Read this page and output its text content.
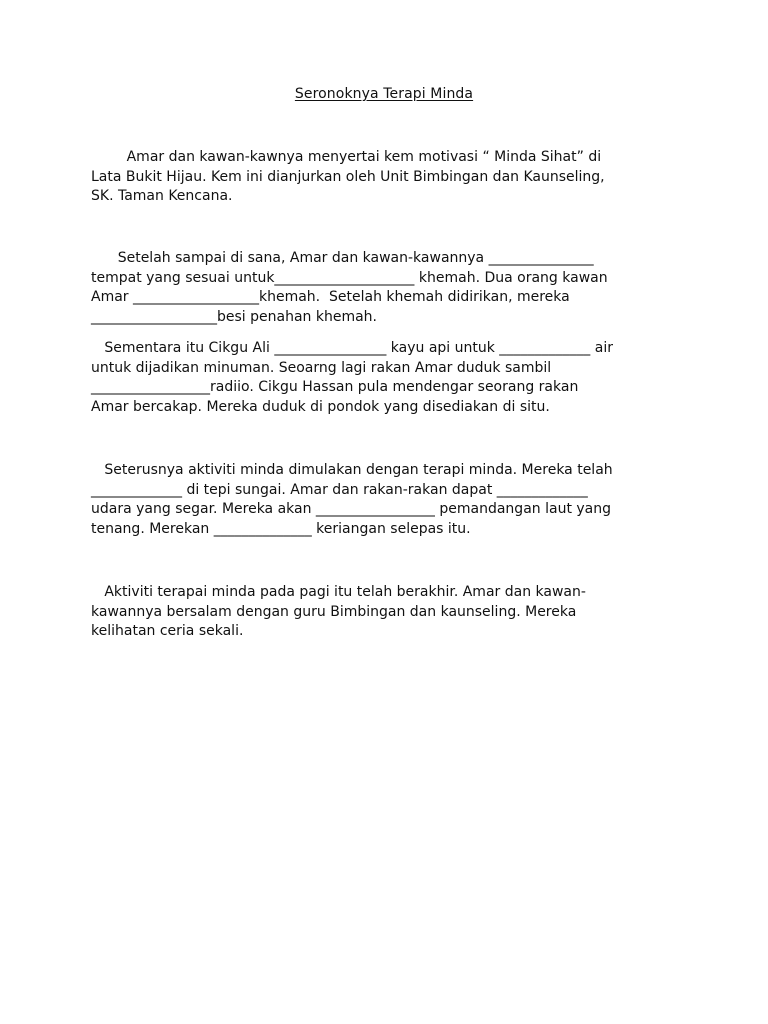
Seronoknya Terapi Minda

Amar dan kawan-kawnya menyertai kem motivasi “ Minda Sihat” di
Lata Bukit Hijau. Kem ini dianjurkan oleh Unit Bimbingan dan Kaunseling,
SK. Taman Kencana.

Setelah sampai di sana, Amar dan kawan-kawannya _______________
tempat yang sesuai untuk____________________ khemah. Dua orang kawan
Amar __________________khemah.  Setelah khemah didirikan, mereka
__________________besi penahan khemah.

Sementara itu Cikgu Ali ________________ kayu api untuk _____________ air
untuk dijadikan minuman. Seoarng lagi rakan Amar duduk sambil
_________________radiio. Cikgu Hassan pula mendengar seorang rakan
Amar bercakap. Mereka duduk di pondok yang disediakan di situ.

Seterusnya aktiviti minda dimulakan dengan terapi minda. Mereka telah
_____________ di tepi sungai. Amar dan rakan-rakan dapat _____________
udara yang segar. Mereka akan _________________ pemandangan laut yang
tenang. Merekan ______________ keriangan selepas itu.

Aktiviti terapai minda pada pagi itu telah berakhir. Amar dan kawan-
kawannya bersalam dengan guru Bimbingan dan kaunseling. Mereka
kelihatan ceria sekali.
